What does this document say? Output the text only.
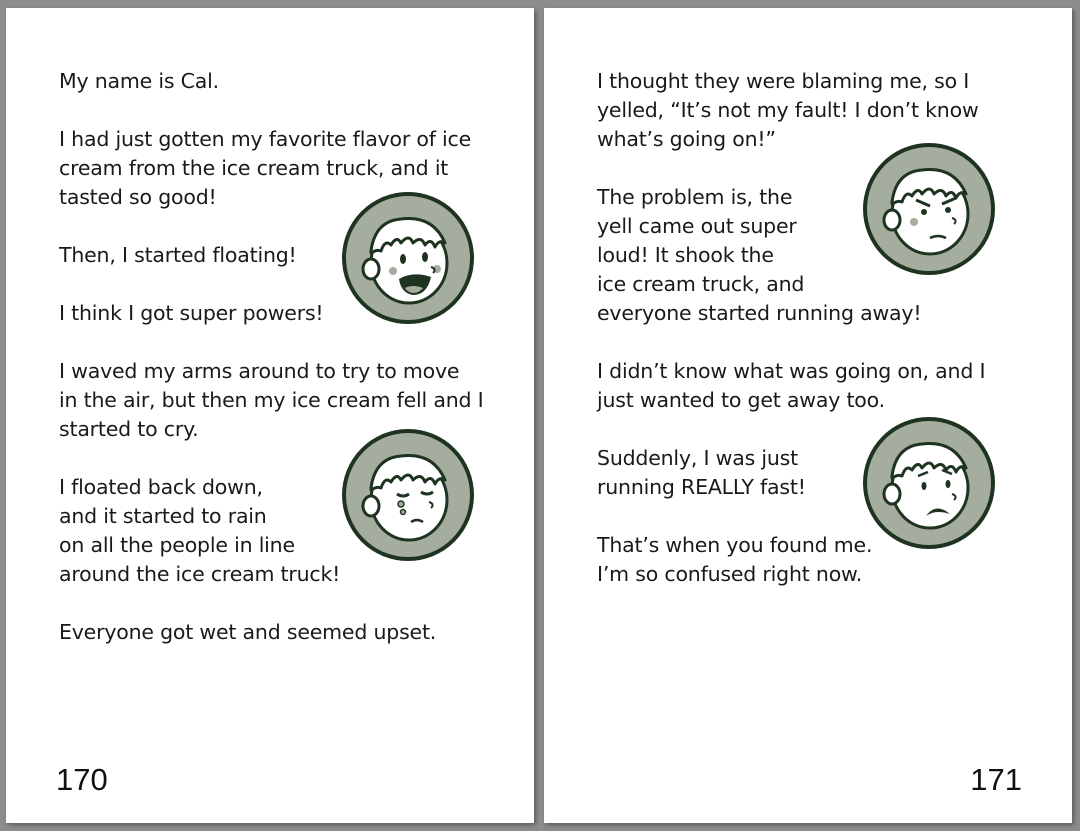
My name is Cal.
I had just gotten my favorite flavor of ice
cream from the ice cream truck, and it
tasted so good!
Then, I started floating!
I think I got super powers!
I waved my arms around to try to move
in the air, but then my ice cream fell and I
started to cry.
I floated back down,
and it started to rain
on all the people in line
around the ice cream truck!
Everyone got wet and seemed upset.
170
I thought they were blaming me, so I
yelled, “It’s not my fault! I don’t know
what’s going on!”
The problem is, the
yell came out super
loud! It shook the
ice cream truck, and
everyone started running away!
I didn’t know what was going on, and I
just wanted to get away too.
Suddenly, I was just
running REALLY fast!
That’s when you found me.
I’m so confused right now.
171
